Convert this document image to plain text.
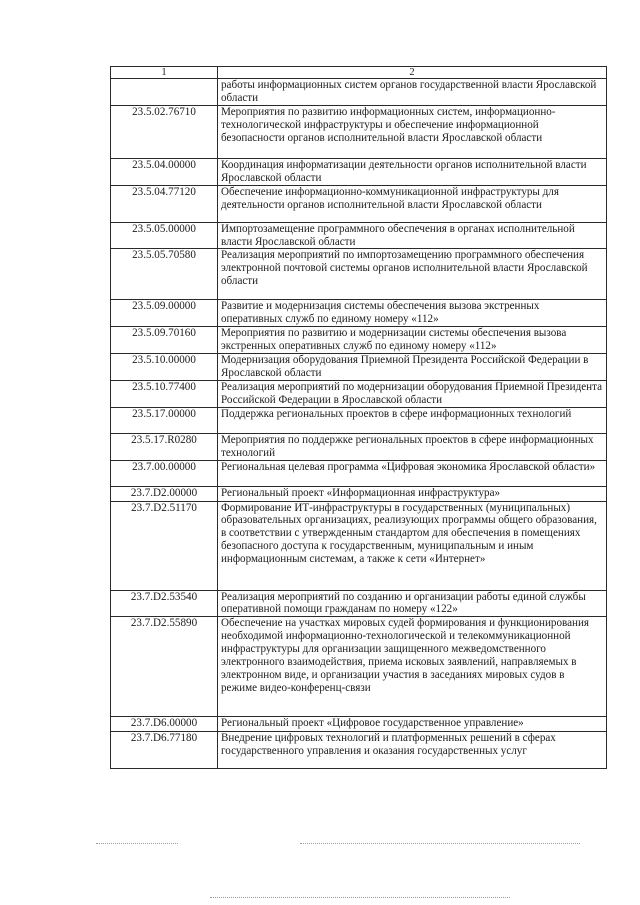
1	2
	работы информационных систем органов государственной власти Ярославской области
23.5.02.76710	Мероприятия по развитию информационных систем, информационно-технологической инфраструктуры и обеспечение информационной безопасности органов исполнительной власти Ярославской области
23.5.04.00000	Координация информатизации деятельности органов исполнительной власти Ярославской области
23.5.04.77120	Обеспечение информационно-коммуникационной инфраструктуры для деятельности органов исполнительной власти Ярославской области
23.5.05.00000	Импортозамещение программного обеспечения в органах исполнительной власти Ярославской области
23.5.05.70580	Реализация мероприятий по импортозамещению программного обеспечения электронной почтовой системы органов исполнительной власти Ярославской области
23.5.09.00000	Развитие и модернизация системы обеспечения вызова экстренных оперативных служб по единому номеру «112»
23.5.09.70160	Мероприятия по развитию и модернизации системы обеспечения вызова экстренных оперативных служб по единому номеру «112»
23.5.10.00000	Модернизация оборудования Приемной Президента Российской Федерации в Ярославской области
23.5.10.77400	Реализация мероприятий по модернизации оборудования Приемной Президента Российской Федерации в Ярославской области
23.5.17.00000	Поддержка региональных проектов в сфере информационных технологий
23.5.17.R0280	Мероприятия по поддержке региональных проектов в сфере информационных технологий
23.7.00.00000	Региональная целевая программа «Цифровая экономика Ярославской области»
23.7.D2.00000	Региональный проект «Информационная инфраструктура»
23.7.D2.51170	Формирование ИТ-инфраструктуры в государственных (муниципальных) образовательных организациях, реализующих программы общего образования, в соответствии с утвержденным стандартом для обеспечения в помещениях безопасного доступа к государственным, муниципальным и иным информационным системам, а также к сети «Интернет»
23.7.D2.53540	Реализация мероприятий по созданию и организации работы единой службы оперативной помощи гражданам по номеру «122»
23.7.D2.55890	Обеспечение на участках мировых судей формирования и функционирования необходимой информационно-технологической и телекоммуникационной инфраструктуры для организации защищенного межведомственного электронного взаимодействия, приема исковых заявлений, направляемых в электронном виде, и организации участия в заседаниях мировых судов в режиме видео-конференц-связи
23.7.D6.00000	Региональный проект «Цифровое государственное управление»
23.7.D6.77180	Внедрение цифровых технологий и платформенных решений в сферах государственного управления и оказания государственных услуг
